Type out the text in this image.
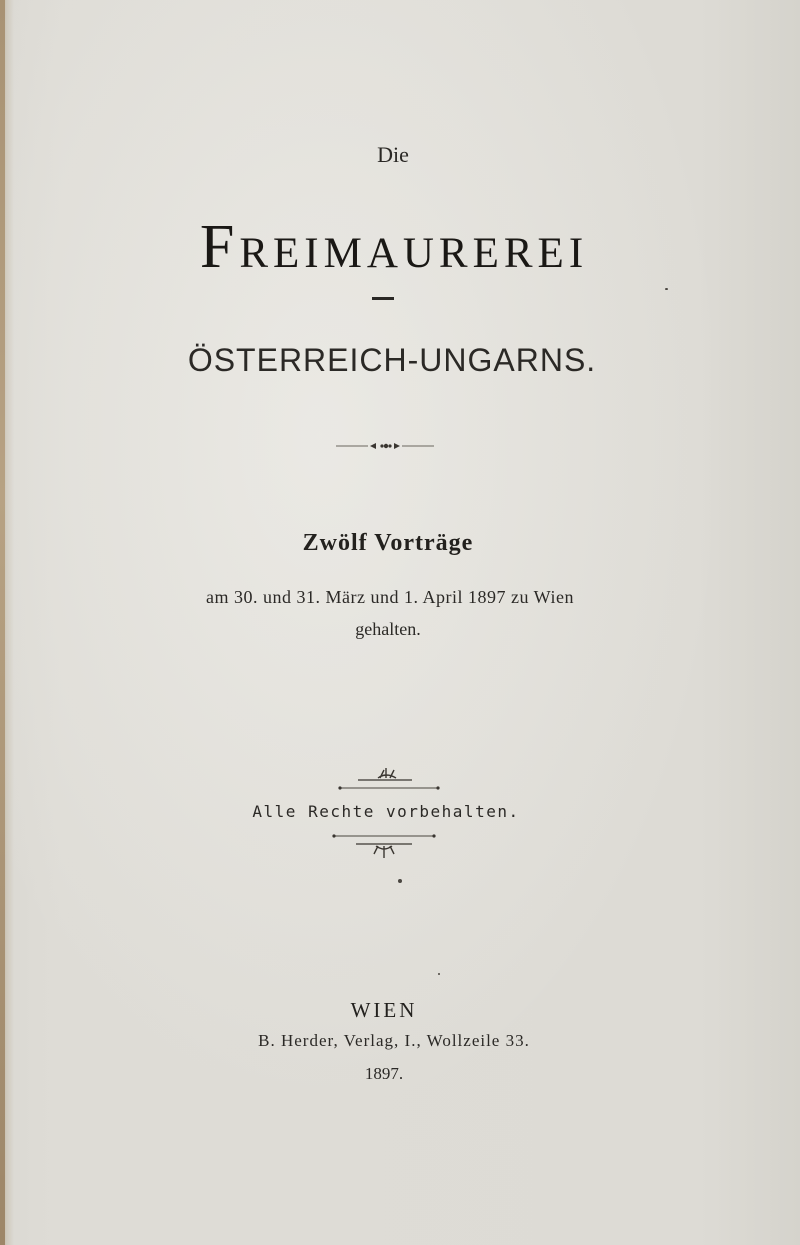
Die
Freimaurerei
ÖSTERREICH-UNGARNS.
Zwölf Vorträge
am 30. und 31. März und 1. April 1897 zu Wien
gehalten.
Alle Rechte vorbehalten.
WIEN
B. Herder, Verlag, I., Wollzeile 33.
1897.
